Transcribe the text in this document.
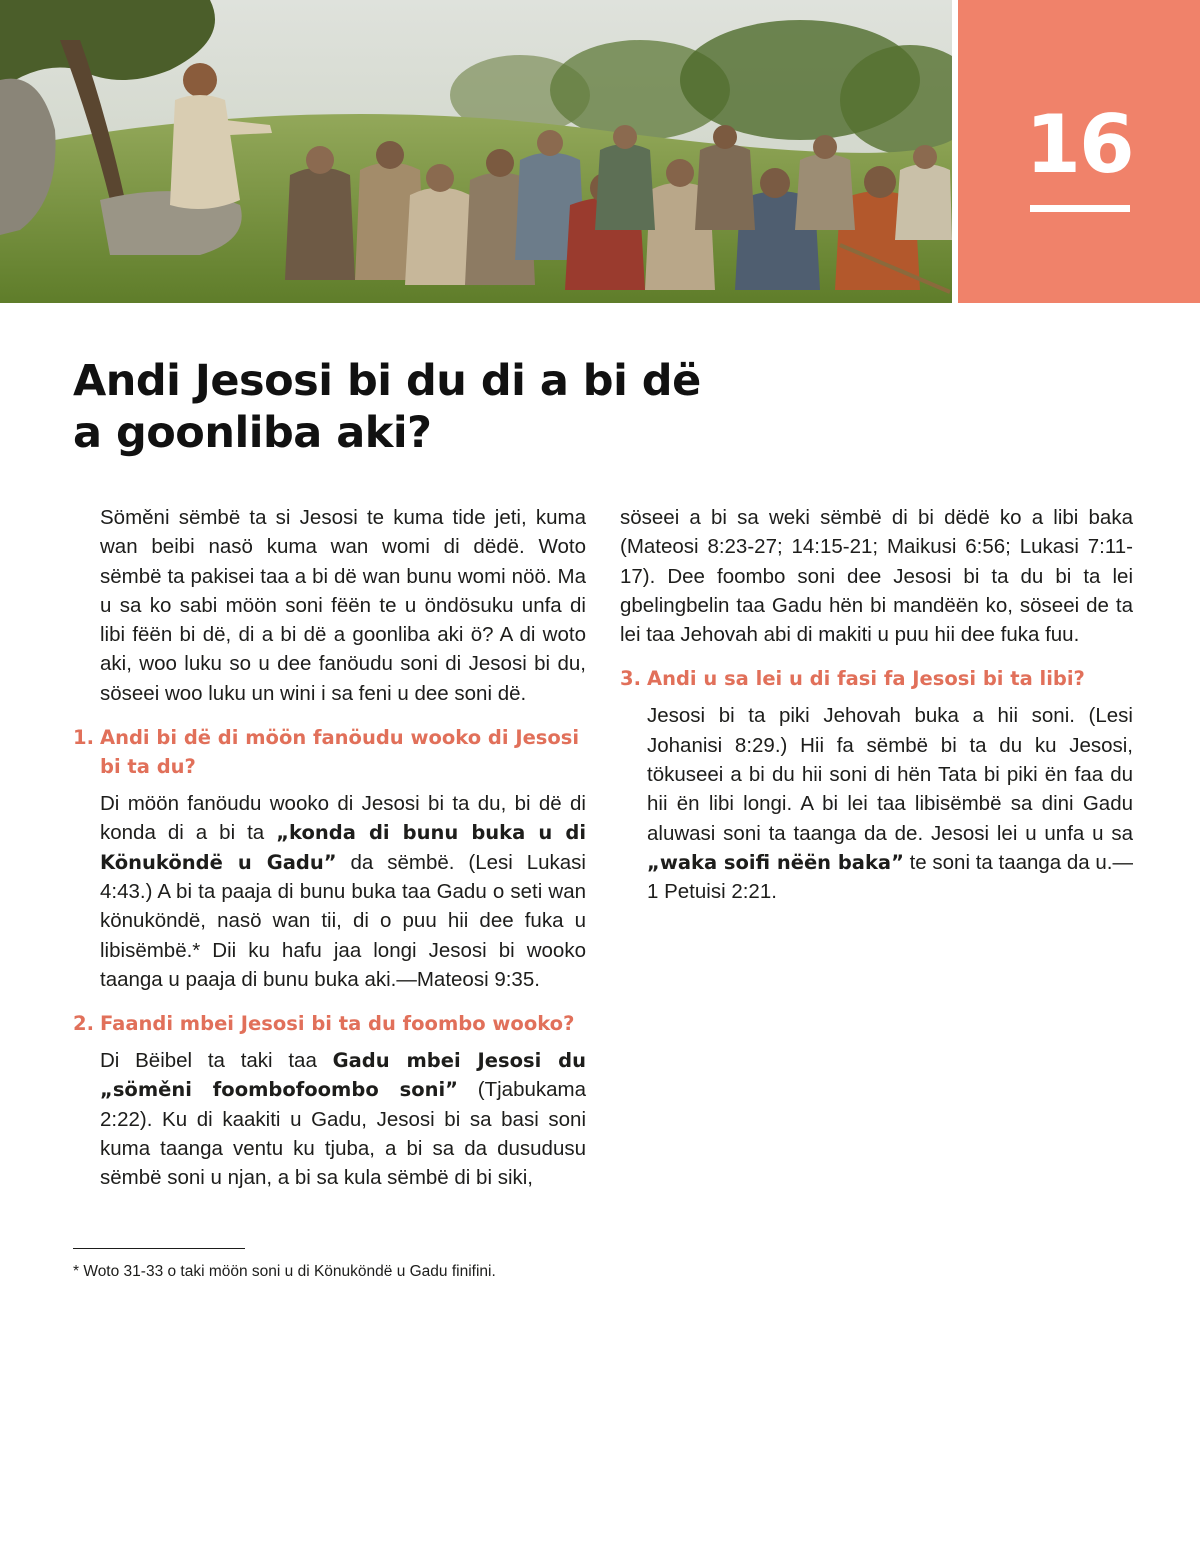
16
Andi Jesosi bi du di a bi dë
a goonliba aki?

Söměni sëmbë ta si Jesosi te kuma tide jeti, kuma wan beibi nasö kuma wan womi di dëdë. Woto sëmbë ta pakisei taa a bi dë wan bunu womi nöö. Ma u sa ko sabi möön soni fëën te u öndösuku unfa di libi fëën bi dë, di a bi dë a goonliba aki ö? A di woto aki, woo luku so u dee fanöudu soni di Jesosi bi du, söseei woo luku un wini i sa feni u dee soni dë.

1. Andi bi dë di möön fanöudu wooko di Jesosi bi ta du?

Di möön fanöudu wooko di Jesosi bi ta du, bi dë di konda di a bi ta „konda di bunu buka u di Könuköndë u Gadu” da sëmbë. (Lesi Lukasi 4:43.) A bi ta paaja di bunu buka taa Gadu o seti wan könuköndë, nasö wan tii, di o puu hii dee fuka u libisëmbë.* Dii ku hafu jaa longi Jesosi bi wooko taanga u paaja di bunu buka aki.—Mateosi 9:35.

2. Faandi mbei Jesosi bi ta du foombo wooko?

Di Bëibel ta taki taa Gadu mbei Jesosi du „söměni foombofoombo soni” (Tjabukama 2:22). Ku di kaakiti u Gadu, Jesosi bi sa basi soni kuma taanga ventu ku tjuba, a bi sa da dusudusu sëmbë soni u njan, a bi sa kula sëmbë di bi siki,

söseei a bi sa weki sëmbë di bi dëdë ko a libi baka (Mateosi 8:23-27; 14:15-21; Maikusi 6:56; Lukasi 7:11-17). Dee foombo soni dee Jesosi bi ta du bi ta lei gbelingbelin taa Gadu hën bi mandëën ko, söseei de ta lei taa Jehovah abi di makiti u puu hii dee fuka fuu.

3. Andi u sa lei u di fasi fa Jesosi bi ta libi?

Jesosi bi ta piki Jehovah buka a hii soni. (Lesi Johanisi 8:29.) Hii fa sëmbë bi ta du ku Jesosi, tökuseei a bi du hii soni di hën Tata bi piki ën faa du hii ën libi longi. A bi lei taa libisëmbë sa dini Gadu aluwasi soni ta taanga da de. Jesosi lei u unfa u sa „waka soifi nëën baka” te soni ta taanga da u.—1 Petuisi 2:21.

* Woto 31-33 o taki möön soni u di Könuköndë u Gadu finifini.
